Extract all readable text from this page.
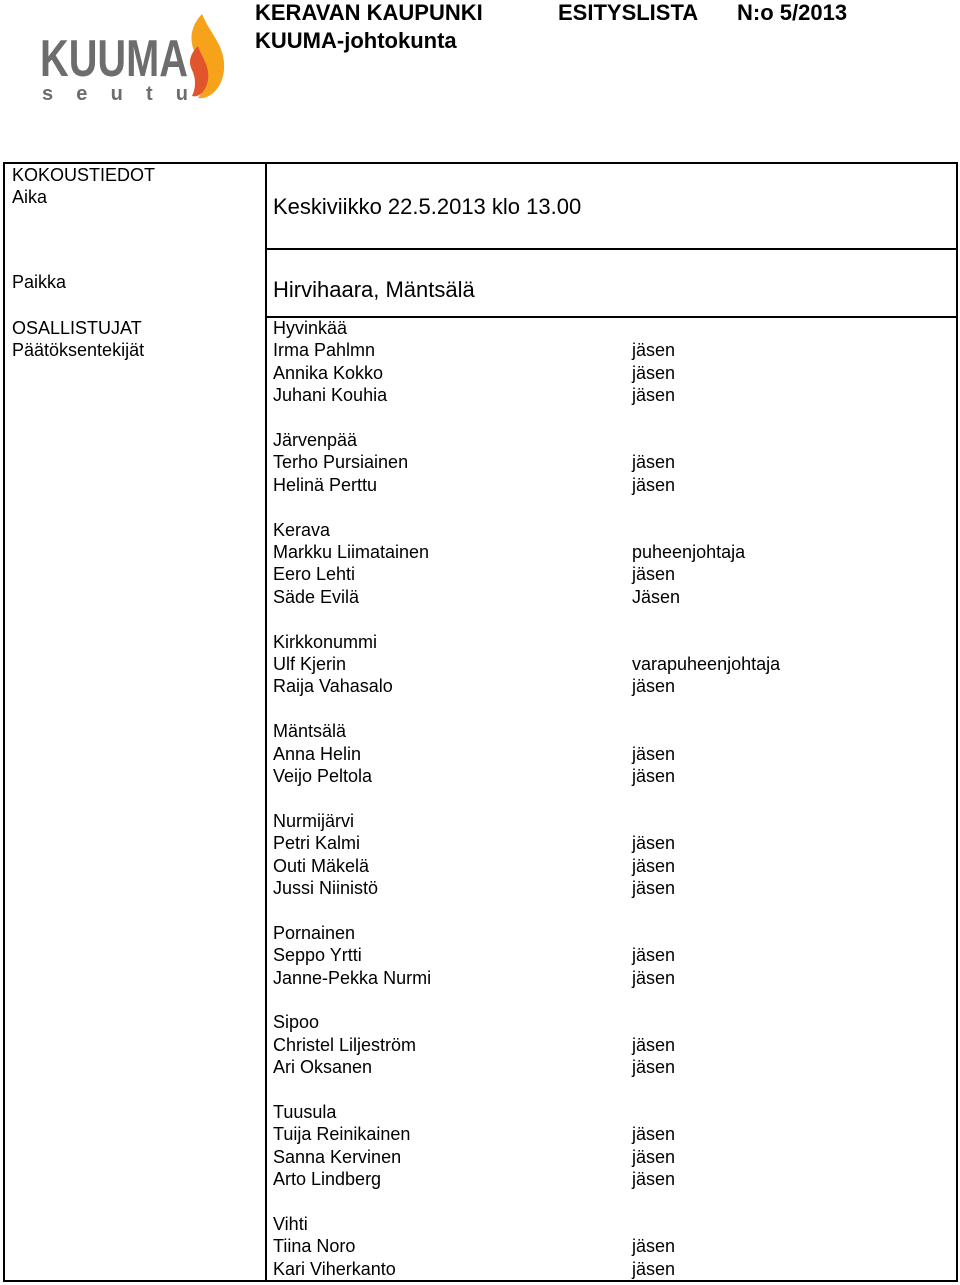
KUUMA
s e u t u
KERAVAN KAUPUNKI	ESITYSLISTA N:o 5/2013
KUUMA-johtokunta
KOKOUSTIEDOT
Aika	Keskiviikko 22.5.2013 klo 13.00
Paikka	Hirvihaara, Mäntsälä
OSALLISTUJAT
Päätöksentekijät
Hyvinkää
Irma Pahlmn	jäsen
Annika Kokko	jäsen
Juhani Kouhia	jäsen
Järvenpää
Terho Pursiainen	jäsen
Helinä Perttu	jäsen
Kerava
Markku Liimatainen	puheenjohtaja
Eero Lehti	jäsen
Säde Evilä	Jäsen
Kirkkonummi
Ulf Kjerin	varapuheenjohtaja
Raija Vahasalo	jäsen
Mäntsälä
Anna Helin	jäsen
Veijo Peltola	jäsen
Nurmijärvi
Petri Kalmi	jäsen
Outi Mäkelä	jäsen
Jussi Niinistö	jäsen
Pornainen
Seppo Yrtti	jäsen
Janne-Pekka Nurmi	jäsen
Sipoo
Christel Liljeström	jäsen
Ari Oksanen	jäsen
Tuusula
Tuija Reinikainen	jäsen
Sanna Kervinen	jäsen
Arto Lindberg	jäsen
Vihti
Tiina Noro	jäsen
Kari Viherkanto	jäsen
